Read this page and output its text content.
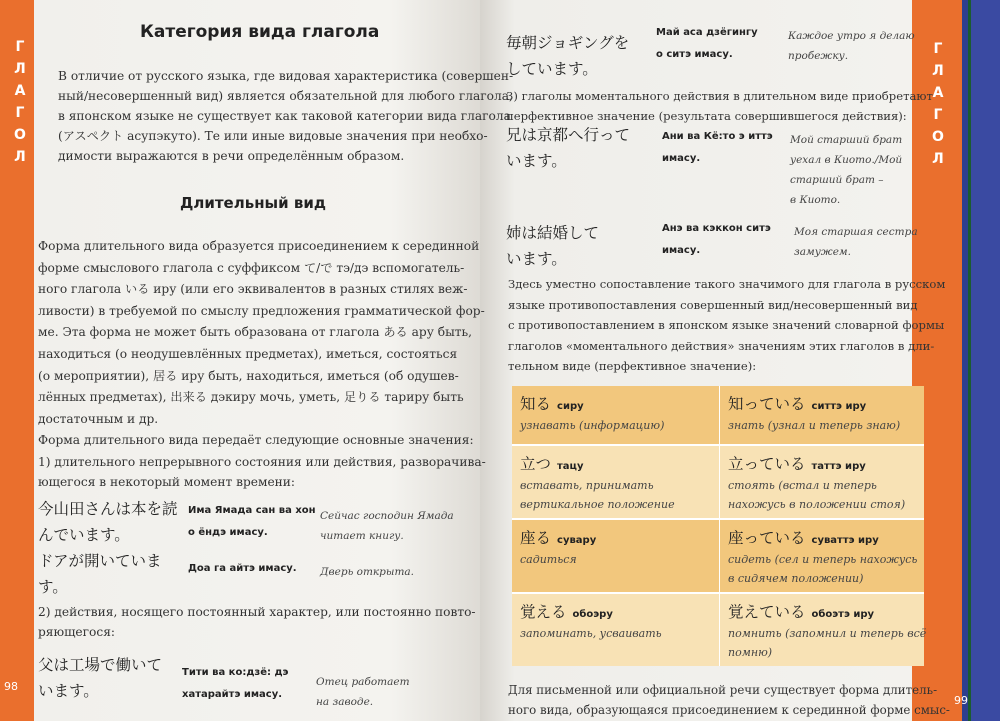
Г
Л
А
Г
О
Л
Г
Л
А
Г
О
Л
98
99
Категория вида глагола
В отличие от русского языка, где видовая характеристика (совершен-
ный/несовершенный вид) является обязательной для любого глагола,
в японском языке не существует как таковой категории вида глагола
(アスペクト асупэкуто). Те или иные видовые значения при необхо-
димости выражаются в речи определённым образом.
Длительный вид
Форма длительного вида образуется присоединением к серединной
форме смыслового глагола с суффиксом て/で тэ/дэ вспомогатель-
ного глагола いる иру (или его эквивалентов в разных стилях веж-
ливости) в требуемой по смыслу предложения грамматической фор-
ме. Эта форма не может быть образована от глагола ある ару быть,
находиться (о неодушевлённых предметах), иметься, состояться
(о мероприятии), 居る иру быть, находиться, иметься (об одушев-
лённых предметах), 出来る дэкиру мочь, уметь, 足りる тариру быть
достаточным и др.
Форма длительного вида передаёт следующие основные значения:
1) длительного непрерывного состояния или действия, разворачива-
ющегося в некоторый момент времени:
今山田さんは本を読
んでいます。
Има Ямада сан ва хон
о ёндэ имасу.
Сейчас господин Ямада
читает книгу.
ドアが開いていま
す。
Доа га айтэ имасу. Дверь открыта.
2) действия, носящего постоянный характер, или постоянно повто-
ряющегося:
父は工場で働いて
います。
Тити ва ко:дзё: дэ
хатарайтэ имасу.
Отец работает
на заводе.
毎朝ジョギングを
しています。
Май аса дзёгингу
о ситэ имасу.
Каждое утро я делаю
пробежку.
3) глаголы моментального действия в длительном виде приобретают
перфективное значение (результата совершившегося действия):
兄は京都へ行って
います。
Ани ва Кё:то э иттэ
имасу.
Мой старший брат
уехал в Киото./Мой
старший брат –
в Киото.
姉は結婚して
います。
Анэ ва кэккон ситэ
имасу.
Моя старшая сестра
замужем.
Здесь уместно сопоставление такого значимого для глагола в русском
языке противопоставления совершенный вид/несовершенный вид
с противопоставлением в японском языке значений словарной формы
глаголов «моментального действия» значениям этих глаголов в дли-
тельном виде (перфективное значение):
知る сиру
узнавать (информацию)
知っている ситтэ иру
знать (узнал и теперь знаю)
立つ тацу
вставать, принимать
вертикальное положение
立っている таттэ иру
стоять (встал и теперь
нахожусь в положении стоя)
座る сувару
садиться
座っている суваттэ иру
сидеть (сел и теперь нахожусь
в сидячем положении)
覚える обоэру
запоминать, усваивать
覚えている обоэтэ иру
помнить (запомнил и теперь всё
помню)
Для письменной или официальной речи существует форма длитель-
ного вида, образующаяся присоединением к серединной форме смыс-
